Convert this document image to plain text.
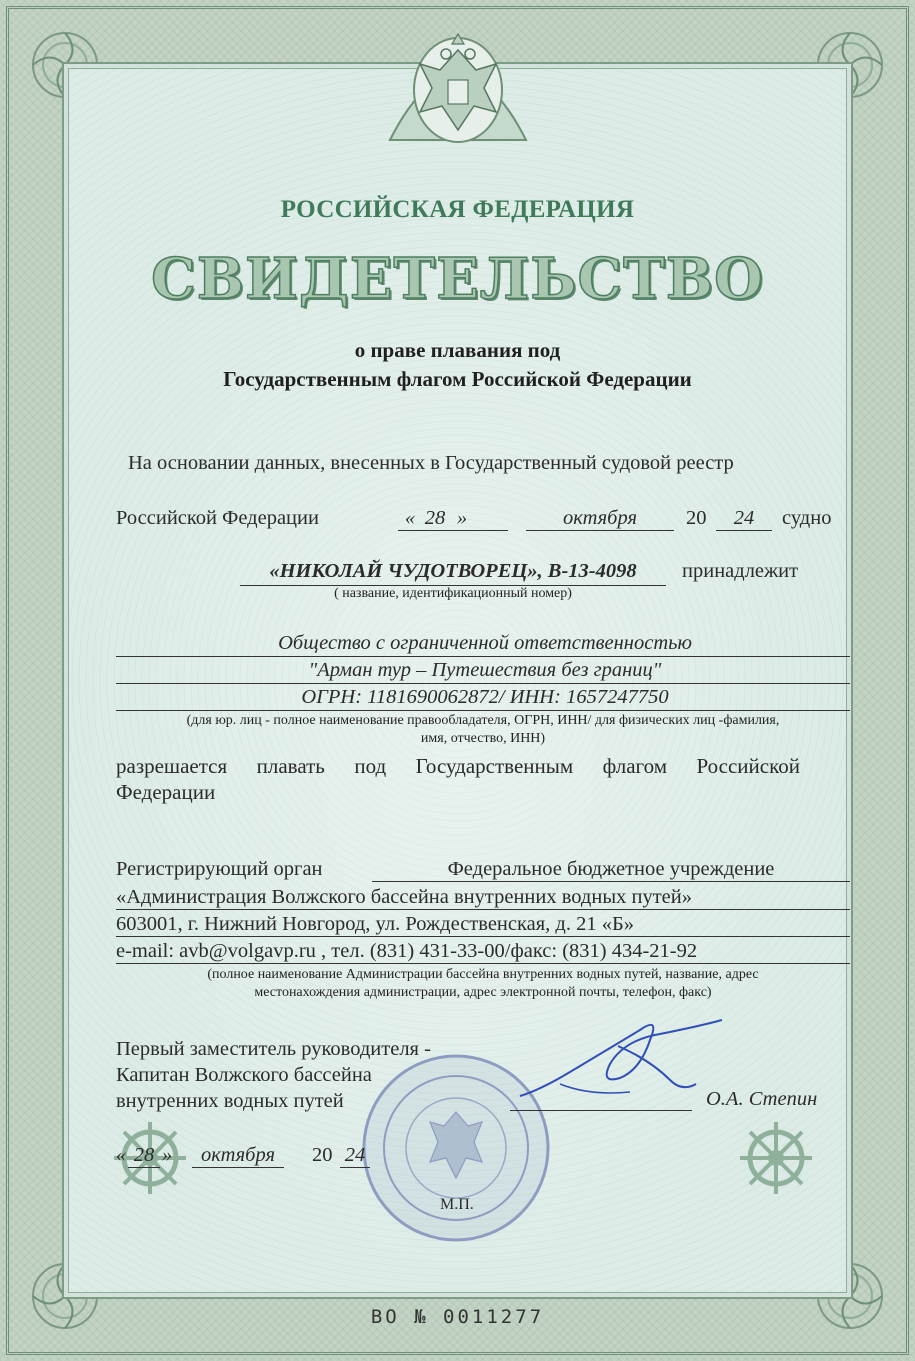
РОССИЙСКАЯ ФЕДЕРАЦИЯ
СВИДЕТЕЛЬСТВО
о праве плавания под
Государственным флагом Российской Федерации
На основании данных, внесенных в Государственный судовой реестр
Российской Федерации	« 28 »	октября	20	24	судно
«НИКОЛАЙ ЧУДОТВОРЕЦ», В-13-4098	принадлежит
( название, идентификационный номер)
Общество с ограниченной ответственностью
"Арман тур – Путешествия без границ"
ОГРН: 1181690062872/ ИНН: 1657247750
(для юр. лиц - полное наименование правообладателя, ОГРН, ИНН/ для физических лиц -фамилия,
имя, отчество, ИНН)
разрешается плавать под Государственным флагом Российской
Федерации
Регистрирующий орган	Федеральное бюджетное учреждение
«Администрация Волжского бассейна внутренних водных путей»
603001, г. Нижний Новгород, ул. Рождественская, д. 21 «Б»
e-mail: avb@volgavp.ru , тел. (831) 431-33-00/факс: (831) 434-21-92
(полное наименование Администрации бассейна внутренних водных путей, название, адрес
местонахождения администрации, адрес электронной почты, телефон, факс)
Первый заместитель руководителя -
Капитан Волжского бассейна
внутренних водных путей	О.А. Степин
« 28 »	октября	20 24
М.П.
ВО № 0011277
